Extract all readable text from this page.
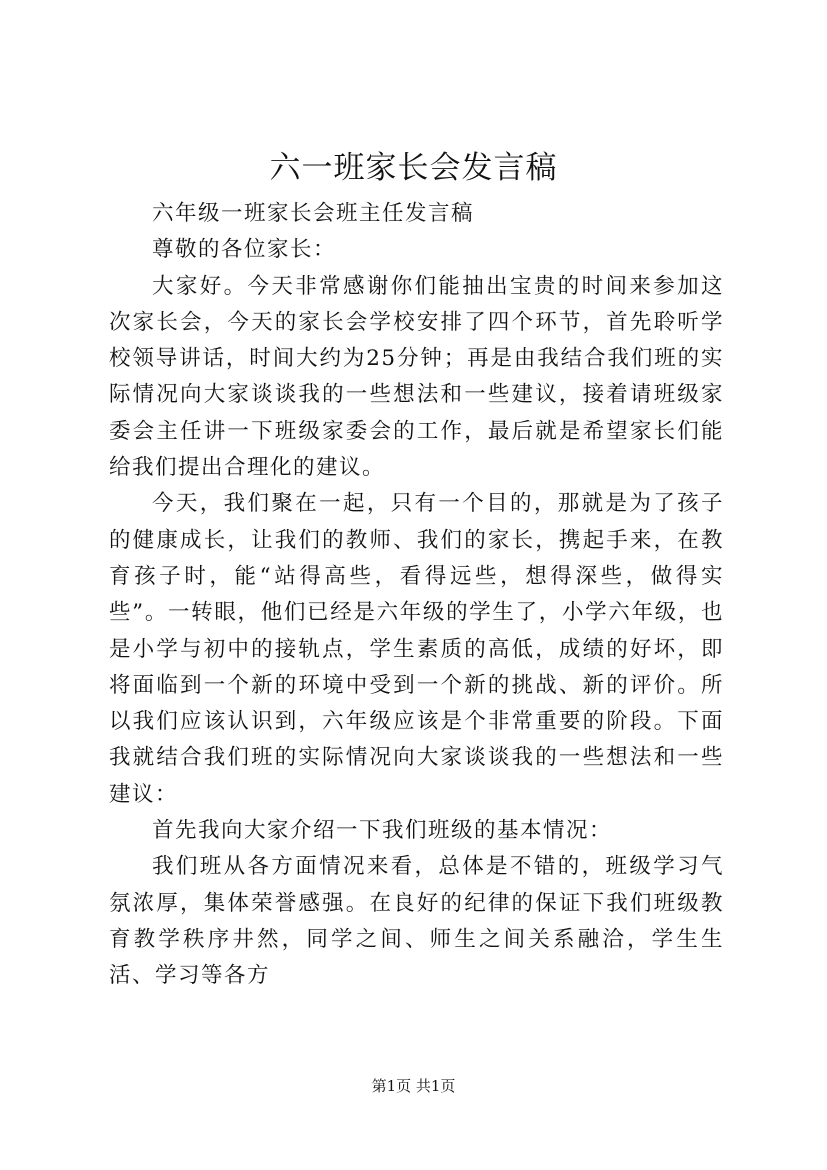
六一班家长会发言稿

六年级一班家长会班主任发言稿

尊敬的各位家长：

大家好。今天非常感谢你们能抽出宝贵的时间来参加这次家长会，今天的家长会学校安排了四个环节，首先聆听学校领导讲话，时间大约为25分钟；再是由我结合我们班的实际情况向大家谈谈我的一些想法和一些建议，接着请班级家委会主任讲一下班级家委会的工作，最后就是希望家长们能给我们提出合理化的建议。

今天，我们聚在一起，只有一个目的，那就是为了孩子的健康成长，让我们的教师、我们的家长，携起手来，在教育孩子时，能“站得高些，看得远些，想得深些，做得实些”。一转眼，他们已经是六年级的学生了，小学六年级，也是小学与初中的接轨点，学生素质的高低，成绩的好坏，即将面临到一个新的环境中受到一个新的挑战、新的评价。所以我们应该认识到，六年级应该是个非常重要的阶段。下面我就结合我们班的实际情况向大家谈谈我的一些想法和一些建议：

首先我向大家介绍一下我们班级的基本情况：

我们班从各方面情况来看，总体是不错的，班级学习气氛浓厚，集体荣誉感强。在良好的纪律的保证下我们班级教育教学秩序井然，同学之间、师生之间关系融洽，学生生活、学习等各方

第1页 共1页
